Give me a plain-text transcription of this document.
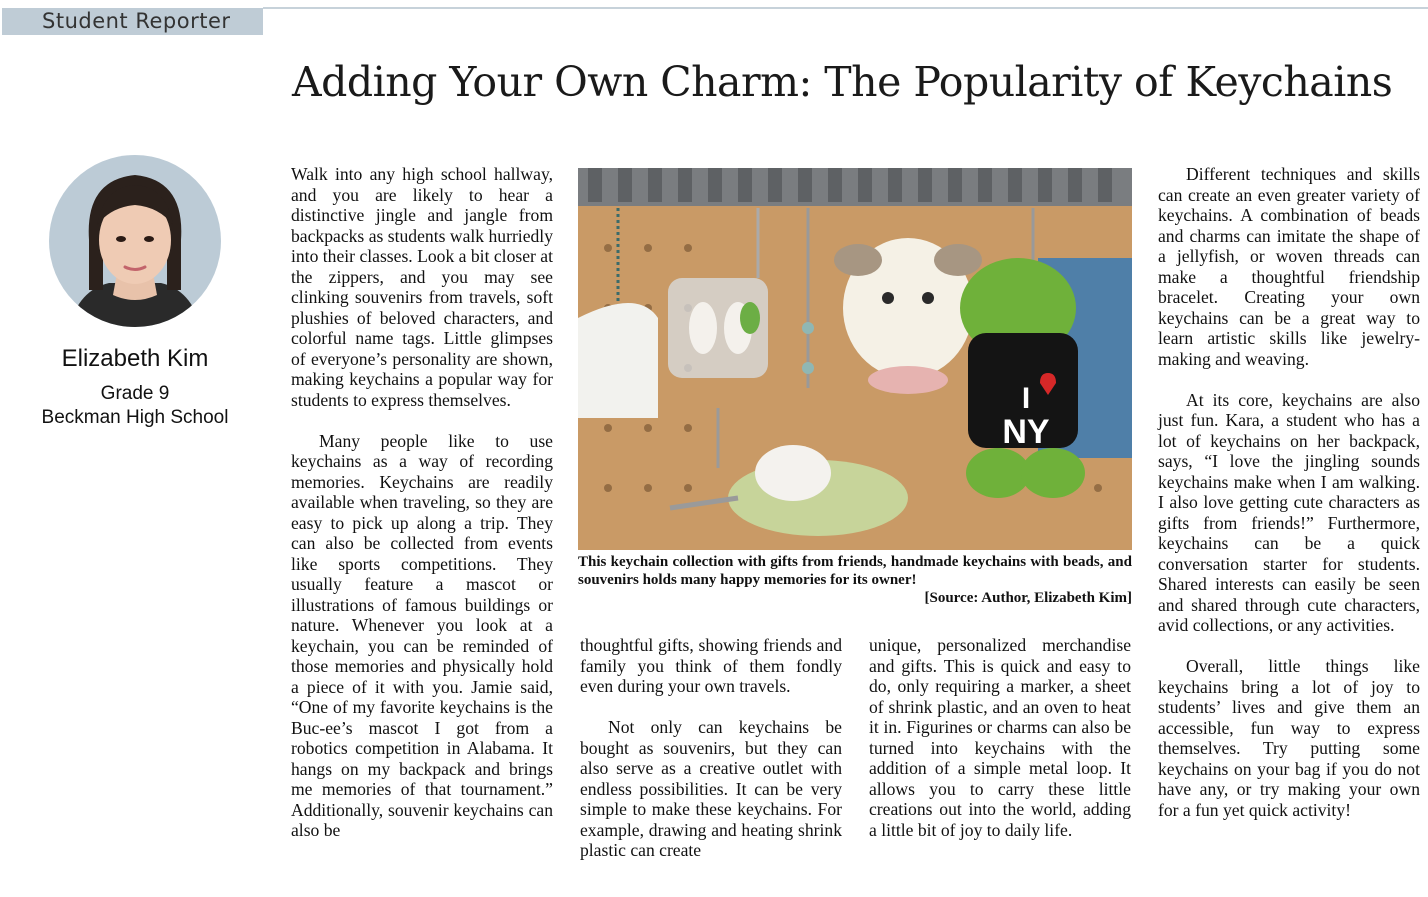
Student Reporter
Adding Your Own Charm: The Popularity of Keychains
Elizabeth Kim
Grade 9
Beckman High School

Walk into any high school hallway, and you are likely to hear a distinctive jingle and jangle from backpacks as students walk hurriedly into their classes. Look a bit closer at the zippers, and you may see clinking souvenirs from travels, soft plushies of beloved characters, and colorful name tags. Little glimpses of everyone’s personality are shown, making keychains a popular way for students to express themselves.

Many people like to use keychains as a way of recording memories. Keychains are readily available when traveling, so they are easy to pick up along a trip. They can also be collected from events like sports competitions. They usually feature a mascot or illustrations of famous buildings or nature. Whenever you look at a keychain, you can be reminded of those memories and physically hold a piece of it with you. Jamie said, “One of my favorite keychains is the Buc-ee’s mascot I got from a robotics competition in Alabama. It hangs on my backpack and brings me memories of that tournament.” Additionally, souvenir keychains can also be

I
NY
This keychain collection with gifts from friends, handmade keychains with beads, and souvenirs holds many happy memories for its owner!
[Source: Author, Elizabeth Kim]

thoughtful gifts, showing friends and family you think of them fondly even during your own travels.

Not only can keychains be bought as souvenirs, but they can also serve as a creative outlet with endless possibilities. It can be very simple to make these keychains. For example, drawing and heating shrink plastic can create

unique, personalized merchandise and gifts. This is quick and easy to do, only requiring a marker, a sheet of shrink plastic, and an oven to heat it in. Figurines or charms can also be turned into keychains with the addition of a simple metal loop. It allows you to carry these little creations out into the world, adding a little bit of joy to daily life.

Different techniques and skills can create an even greater variety of keychains. A combination of beads and charms can imitate the shape of a jellyfish, or woven threads can make a thoughtful friendship bracelet. Creating your own keychains can be a great way to learn artistic skills like jewelry-making and weaving.

At its core, keychains are also just fun. Kara, a student who has a lot of keychains on her backpack, says, “I love the jingling sounds keychains make when I am walking. I also love getting cute characters as gifts from friends!” Furthermore, keychains can be a quick conversation starter for students. Shared interests can easily be seen and shared through cute characters, avid collections, or any activities.

Overall, little things like keychains bring a lot of joy to students’ lives and give them an accessible, fun way to express themselves. Try putting some keychains on your bag if you do not have any, or try making your own for a fun yet quick activity!
